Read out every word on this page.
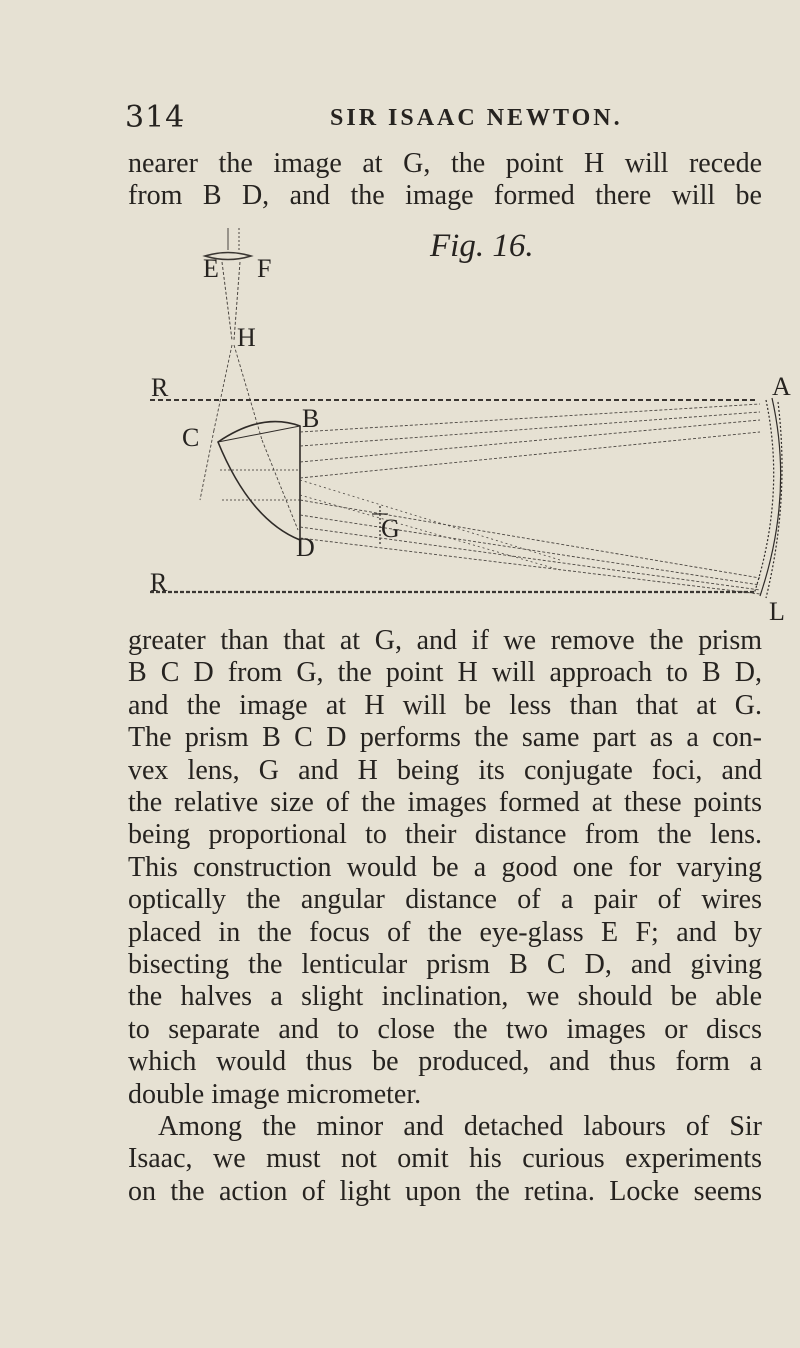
314	SIR ISAAC NEWTON.
nearer the image at G, the point H will recede
from B D, and the image formed there will be
Fig. 16.
E F
H
R	A
C
B
G
D
R
L
greater than that at G, and if we remove the prism
B C D from G, the point H will approach to B D,
and the image at H will be less than that at G.
The prism B C D performs the same part as a con-
vex lens, G and H being its conjugate foci, and
the relative size of the images formed at these points
being proportional to their distance from the lens.
This construction would be a good one for varying
optically the angular distance of a pair of wires
placed in the focus of the eye-glass E F; and by
bisecting the lenticular prism B C D, and giving
the halves a slight inclination, we should be able
to separate and to close the two images or discs
which would thus be produced, and thus form a
double image micrometer.
Among the minor and detached labours of Sir
Isaac, we must not omit his curious experiments
on the action of light upon the retina. Locke seems
